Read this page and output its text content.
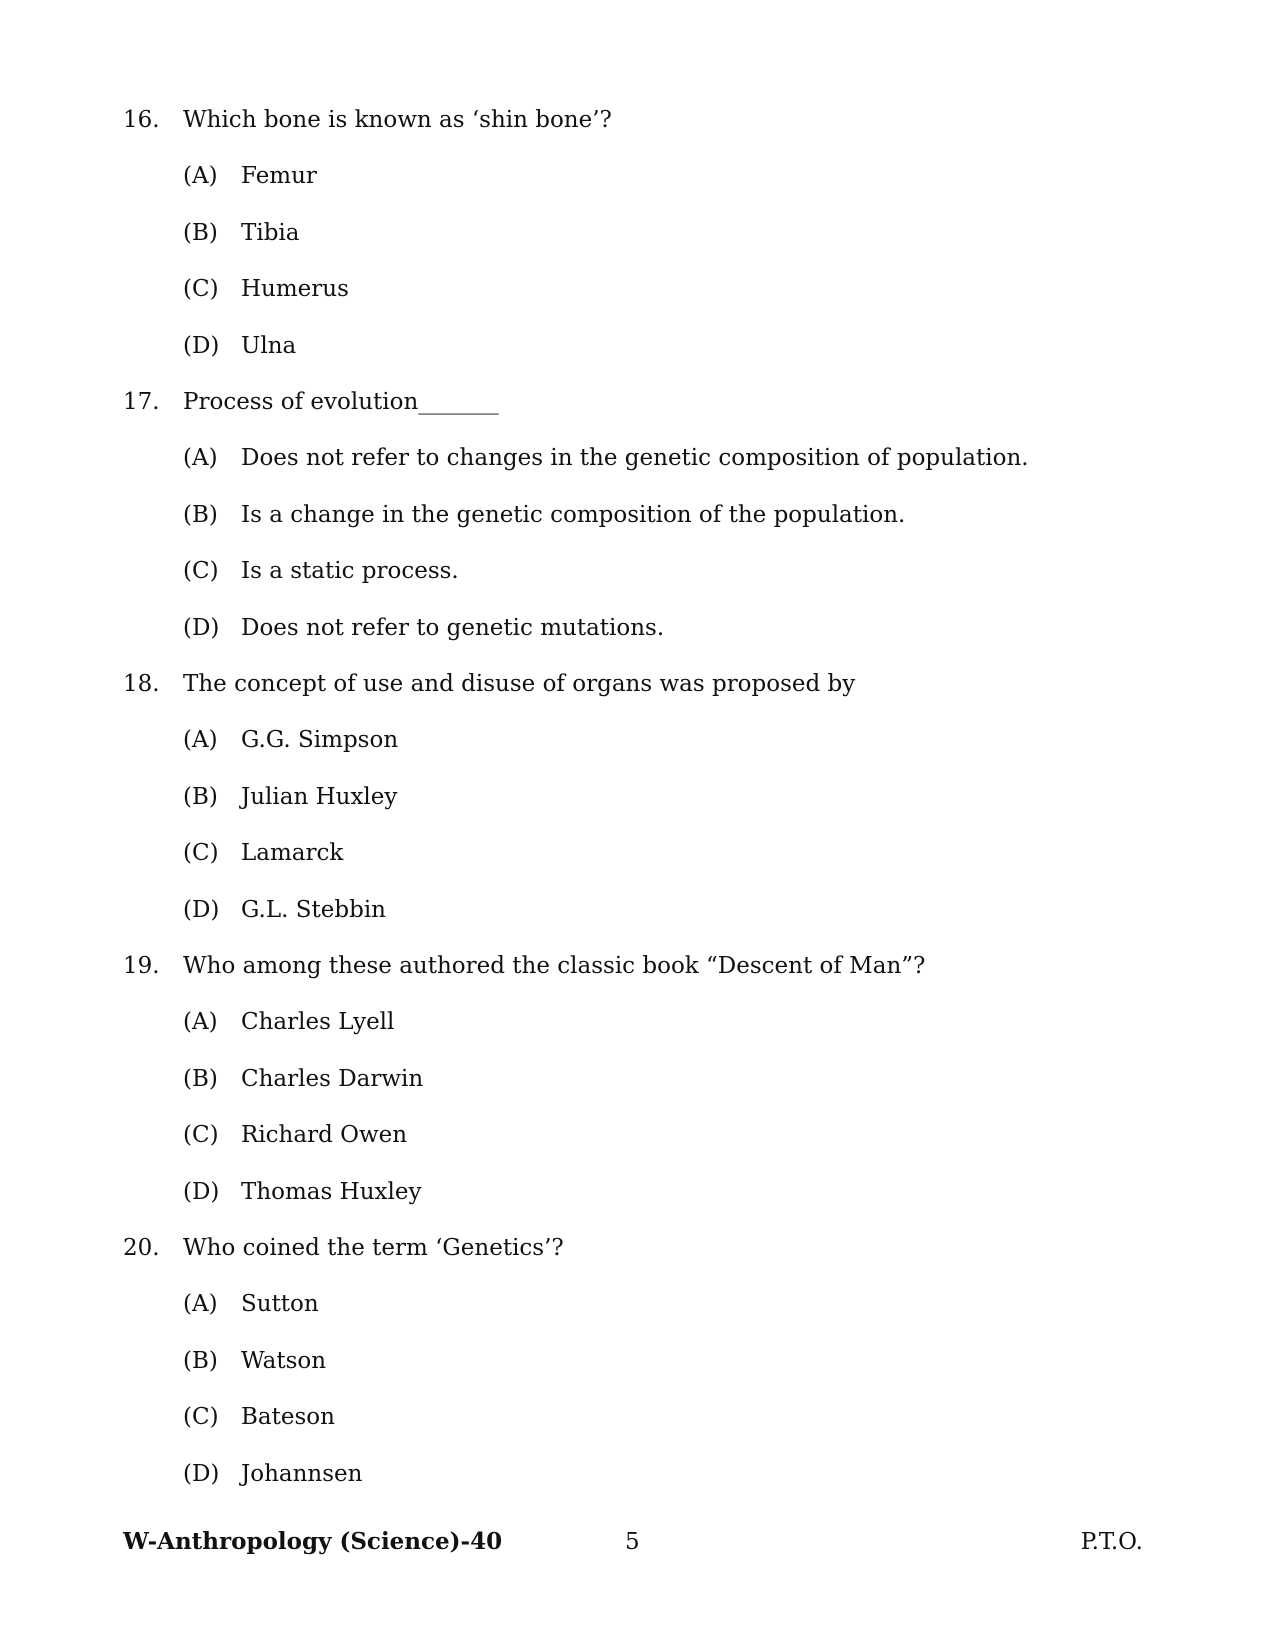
16.	Which bone is known as ‘shin bone’?
(A)	Femur
(B)	Tibia
(C) Humerus
(D) Ulna
17.	Process of evolution_______
(A)	Does not refer to changes in the genetic composition of population.
(B)	Is a change in the genetic composition of the population.
(C) Is a static process.
(D) Does not refer to genetic mutations.
18.	The concept of use and disuse of organs was proposed by
(A)	G.G. Simpson
(B)	Julian Huxley
(C) Lamarck
(D) G.L. Stebbin
19.	Who among these authored the classic book “Descent of Man”?
(A)	Charles Lyell
(B)	Charles Darwin
(C) Richard Owen
(D) Thomas Huxley
20.	Who coined the term ‘Genetics’?
(A)	Sutton
(B)	Watson
(C) Bateson
(D) Johannsen
W-Anthropology (Science)-40	5	P.T.O.
